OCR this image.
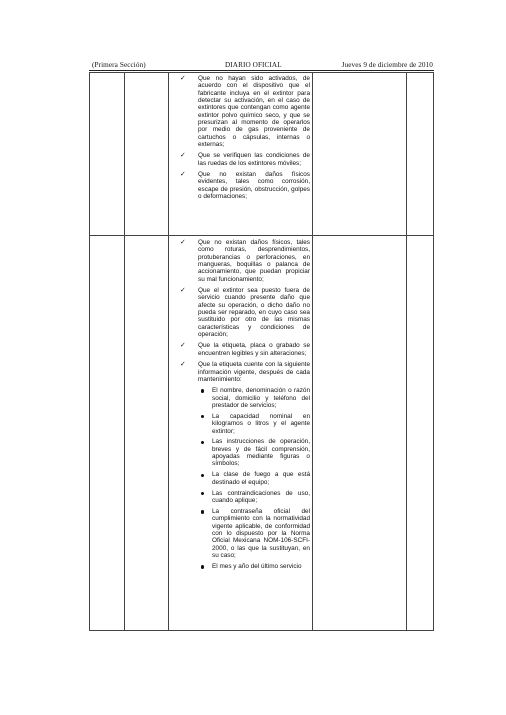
(Primera Sección)	DIARIO OFICIAL	Jueves 9 de diciembre de 2010
✓ Que no hayan sido activados, de acuerdo con el dispositivo que el fabricante incluya en el extintor para detectar su activación, en el caso de extintores que contengan como agente extintor polvo químico seco, y que se presurizan al momento de operarlos por medio de gas proveniente de cartuchos o cápsulas, internas o externas;

✓ Que se verifiquen las condiciones de las ruedas de los extintores móviles;

✓ Que no existan daños físicos evidentes, tales como corrosión, escape de presión, obstrucción, golpes o deformaciones;

✓ Que no existan daños físicos, tales como roturas, desprendimientos, protuberancias o perforaciones, en mangueras, boquillas o palanca de accionamiento, que puedan propiciar su mal funcionamiento;

✓ Que el extintor sea puesto fuera de servicio cuando presente daño que afecte su operación, o dicho daño no pueda ser reparado, en cuyo caso sea sustituido por otro de las mismas características y condiciones de operación;

✓ Que la etiqueta, placa o grabado se encuentren legibles y sin alteraciones;

✓ Que la etiqueta cuente con la siguiente información vigente, después de cada mantenimiento:

El nombre, denominación o razón social, domicilio y teléfono del prestador de servicios;

La capacidad nominal en kilogramos o litros y el agente extintor;

Las instrucciones de operación, breves y de fácil comprensión, apoyadas mediante figuras o símbolos;

La clase de fuego a que está destinado el equipo;

Las contraindicaciones de uso, cuando aplique;

La contraseña oficial del cumplimiento con la normatividad vigente aplicable, de conformidad con lo dispuesto por la Norma Oficial Mexicana NOM-106-SCFI-2000, o las que la sustituyan, en su caso;

El mes y año del último servicio
